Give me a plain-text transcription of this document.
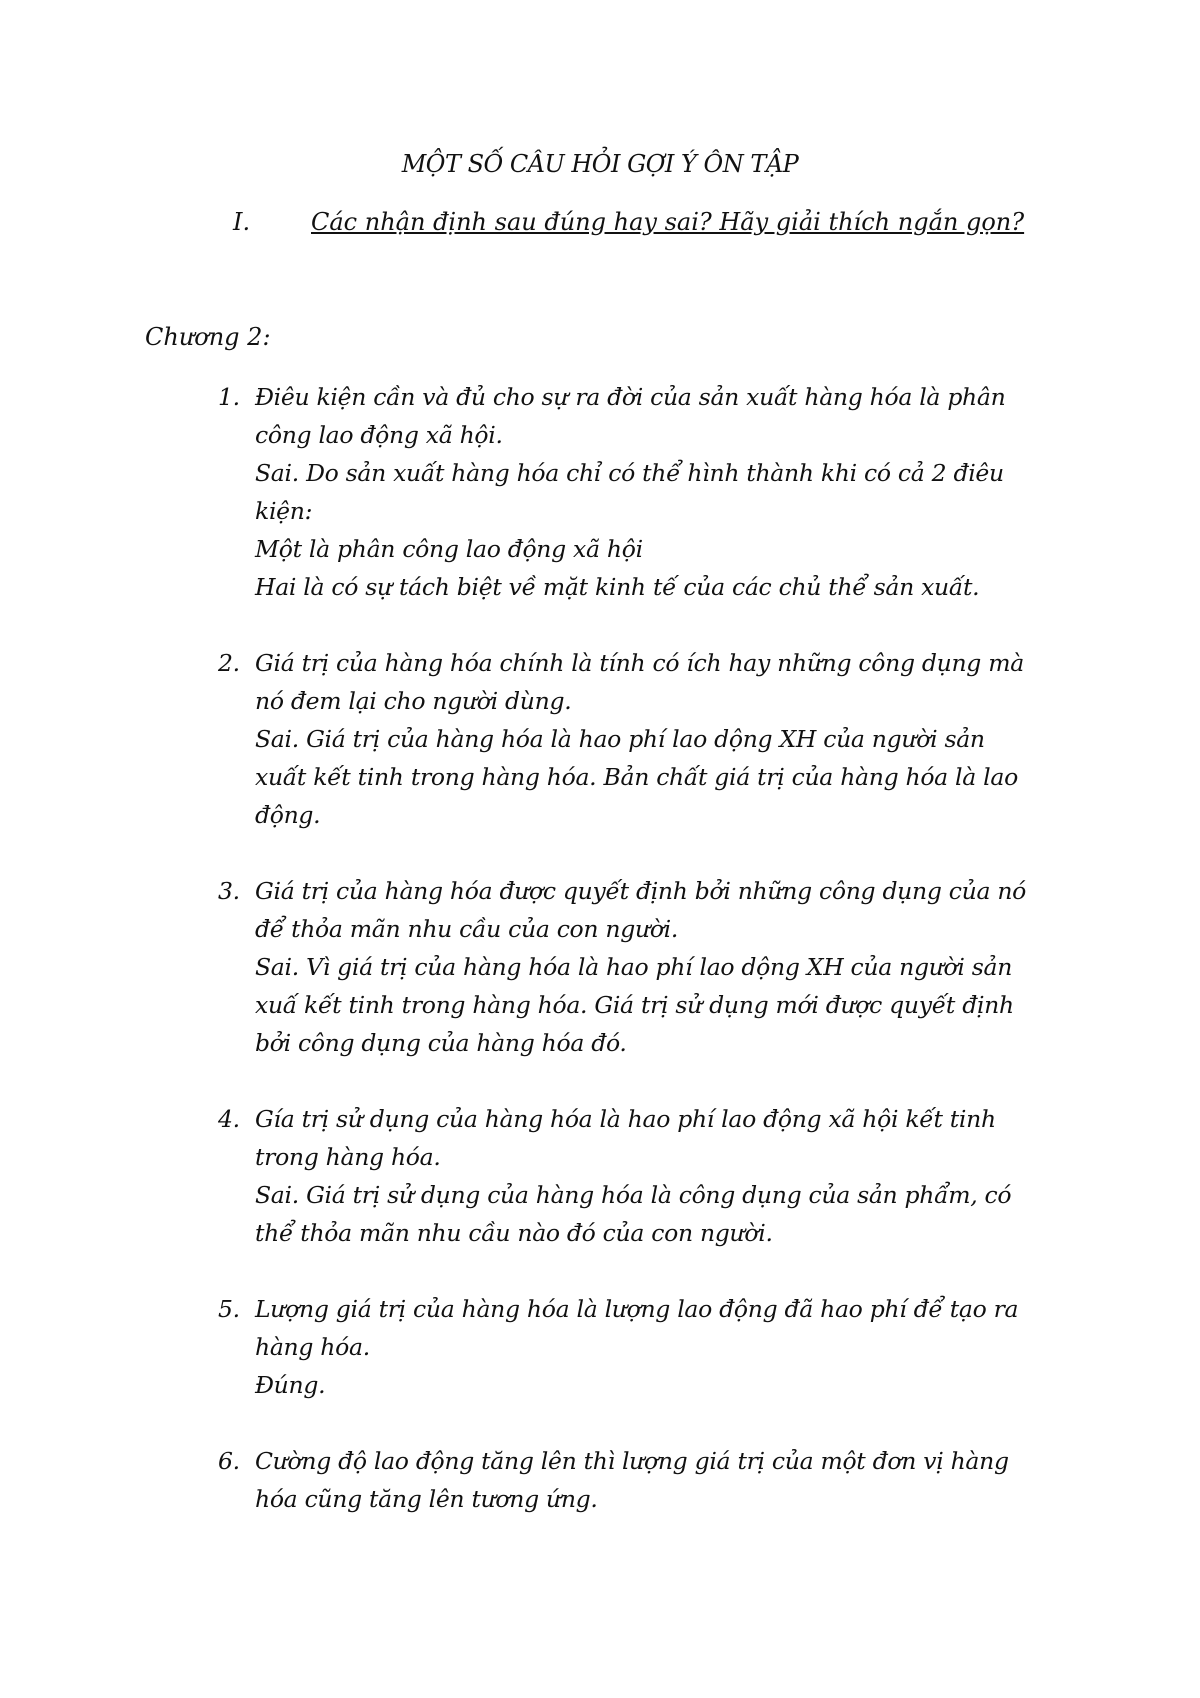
MỘT SỐ CÂU HỎI GỢI Ý ÔN TẬP
I.	Các nhận định sau đúng hay sai? Hãy giải thích ngắn gọn?
Chương 2:
1. Điêu kiện cần và đủ cho sự ra đời của sản xuất hàng hóa là phân
công lao động xã hội.
Sai. Do sản xuất hàng hóa chỉ có thể hình thành khi có cả 2 điêu
kiện:
Một là phân công lao động xã hội
Hai là có sự tách biệt về mặt kinh tế của các chủ thể sản xuất.
2. Giá trị của hàng hóa chính là tính có ích hay những công dụng mà
nó đem lại cho người dùng.
Sai. Giá trị của hàng hóa là hao phí lao dộng XH của người sản
xuất kết tinh trong hàng hóa. Bản chất giá trị của hàng hóa là lao
động.
3. Giá trị của hàng hóa được quyết định bởi những công dụng của nó
để thỏa mãn nhu cầu của con người.
Sai. Vì giá trị của hàng hóa là hao phí lao dộng XH của người sản
xuấ kết tinh trong hàng hóa. Giá trị sử dụng mới được quyết định
bởi công dụng của hàng hóa đó.
4. Gía trị sử dụng của hàng hóa là hao phí lao động xã hội kết tinh
trong hàng hóa.
Sai. Giá trị sử dụng của hàng hóa là công dụng của sản phẩm, có
thể thỏa mãn nhu cầu nào đó của con người.
5. Lượng giá trị của hàng hóa là lượng lao động đã hao phí để tạo ra
hàng hóa.
Đúng.
6. Cường độ lao động tăng lên thì lượng giá trị của một đơn vị hàng
hóa cũng tăng lên tương ứng.
